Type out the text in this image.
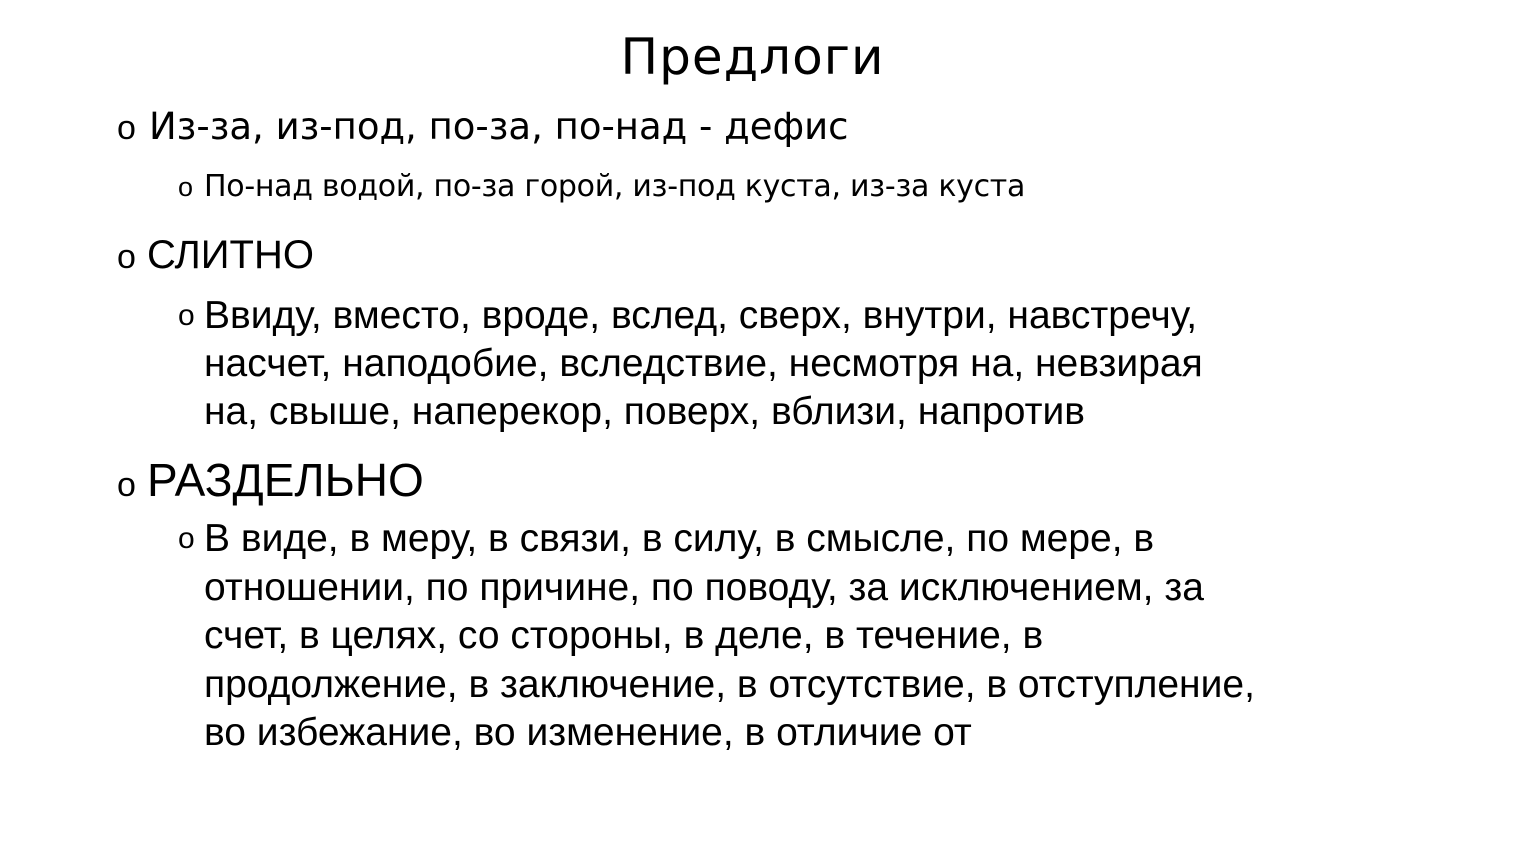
Предлоги
o Из-за, из-под, по-за, по-над - дефис
o По-над водой, по-за горой, из-под куста, из-за куста
o СЛИТНО
o Ввиду, вместо, вроде, вслед, сверх, внутри, навстречу,
насчет, наподобие, вследствие, несмотря на, невзирая
на, свыше, наперекор, поверх, вблизи, напротив
o РАЗДЕЛЬНО
o В виде, в меру, в связи, в силу, в смысле, по мере, в
отношении, по причине, по поводу, за исключением, за
счет, в целях, со стороны, в деле, в течение, в
продолжение, в заключение, в отсутствие, в отступление,
во избежание, во изменение, в отличие от
